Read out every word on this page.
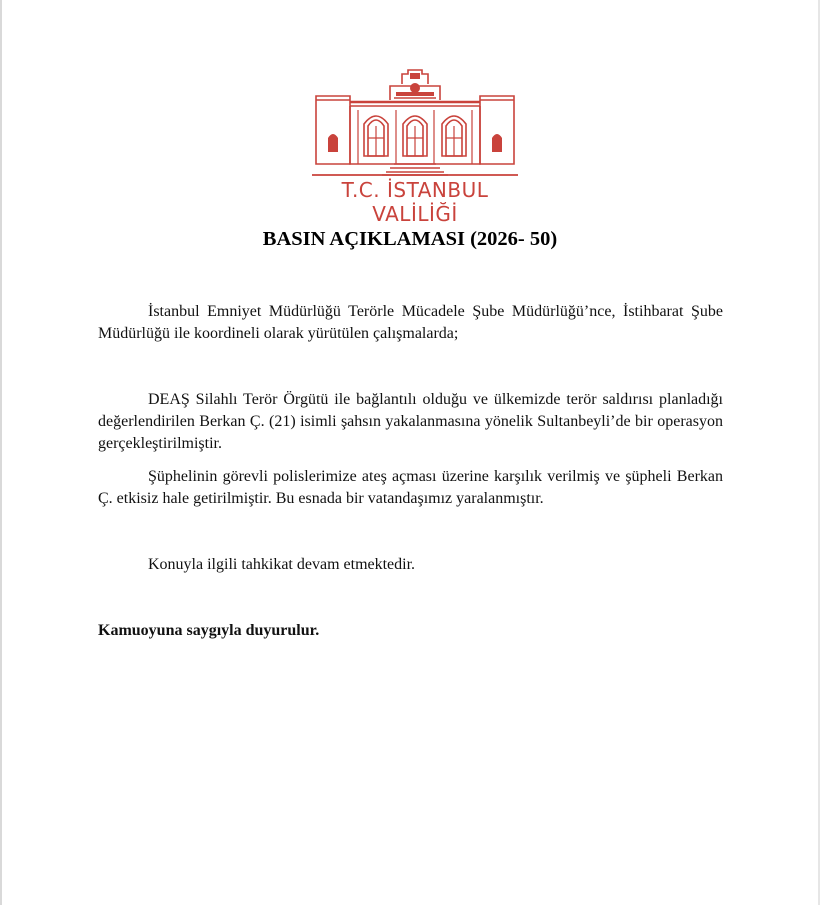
T.C. İSTANBUL VALİLİĞİ
BASIN AÇIKLAMASI (2026- 50)
İstanbul Emniyet Müdürlüğü Terörle Mücadele Şube Müdürlüğü’nce, İstihbarat Şube Müdürlüğü ile koordineli olarak yürütülen çalışmalarda;
DEAŞ Silahlı Terör Örgütü ile bağlantılı olduğu ve ülkemizde terör saldırısı planladığı değerlendirilen Berkan Ç. (21) isimli şahsın yakalanmasına yönelik Sultanbeyli’de bir operasyon gerçekleştirilmiştir.
Şüphelinin görevli polislerimize ateş açması üzerine karşılık verilmiş ve şüpheli Berkan Ç. etkisiz hale getirilmiştir. Bu esnada bir vatandaşımız yaralanmıştır.
Konuyla ilgili tahkikat devam etmektedir.
Kamuoyuna saygıyla duyurulur.
